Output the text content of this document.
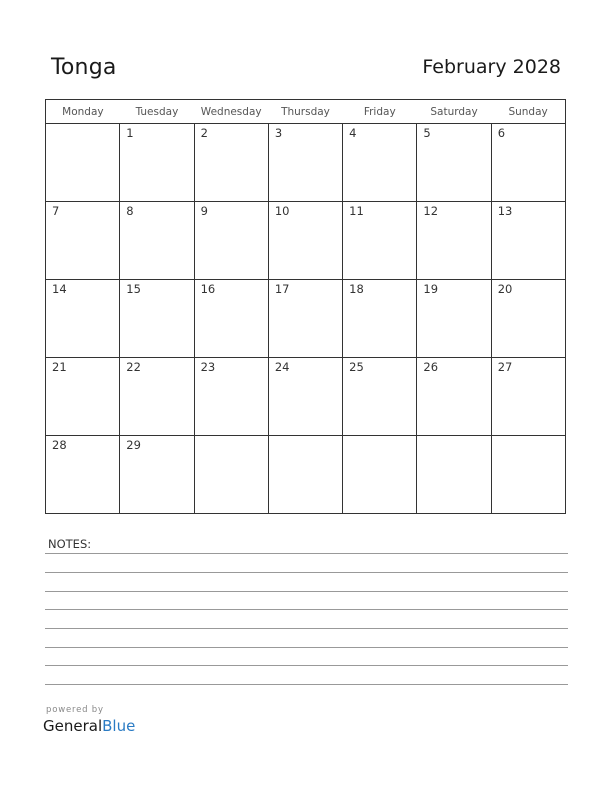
Tonga	February 2028
Monday	Tuesday	Wednesday	Thursday	Friday	Saturday	Sunday

	1	2	3	4	5	6

7	8	9	10	11	12	13

14	15	16	17	18	19	20

21	22	23	24	25	26	27

28	29					

NOTES:
powered by
GeneralBlue
